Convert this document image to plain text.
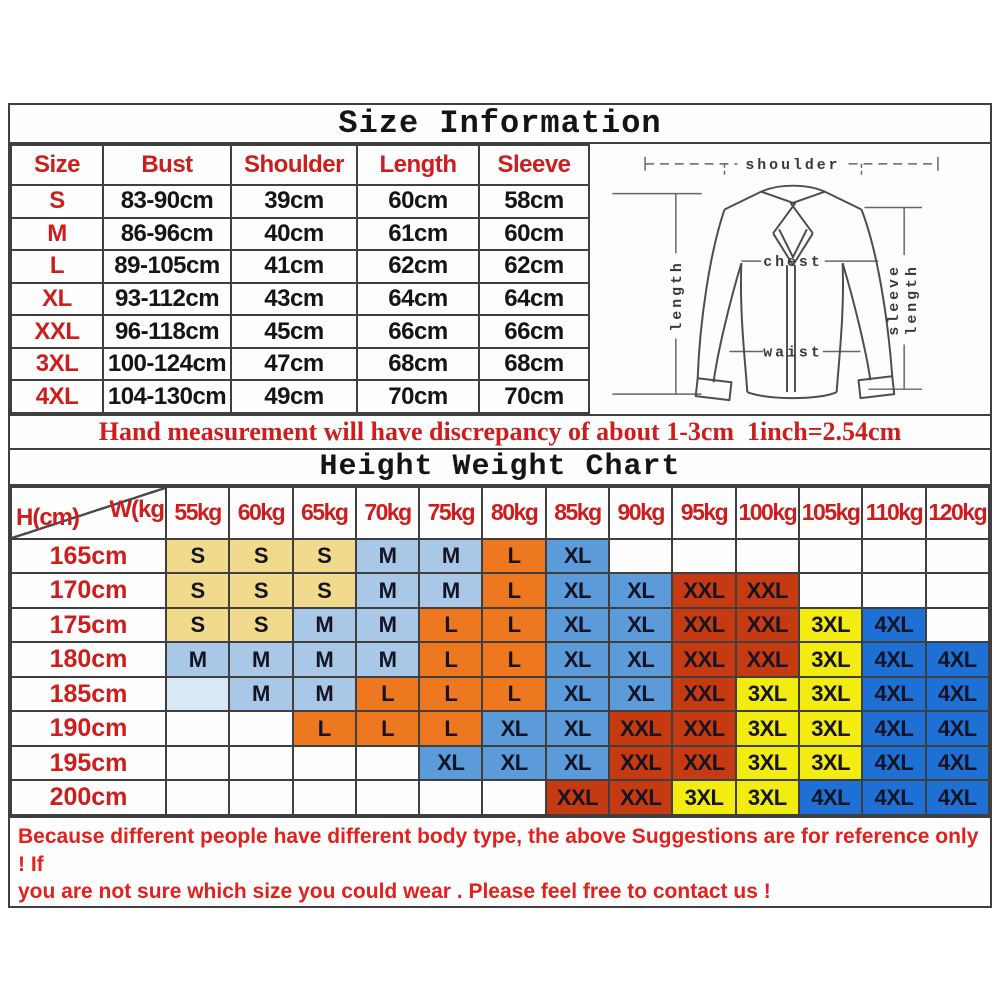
Size Information
Size	Bust	Shoulder	Length	Sleeve
S	83-90cm	39cm	60cm	58cm
M	86-96cm	40cm	61cm	60cm
L	89-105cm	41cm	62cm	62cm
XL	93-112cm	43cm	64cm	64cm
XXL	96-118cm	45cm	66cm	66cm
3XL	100-124cm	47cm	68cm	68cm
4XL	104-130cm	49cm	70cm	70cm
shoulder
chest
waist
length	sleeve length
Hand measurement will have discrepancy of about 1-3cm  1inch=2.54cm
Height Weight Chart
W(kg
H(cm)	55kg	60kg	65kg	70kg	75kg	80kg	85kg	90kg	95kg	100kg	105kg	110kg	120kg
165cm	S	S	S	M	M	L	XL						
170cm	S	S	S	M	M	L	XL	XL	XXL	XXL			
175cm	S	S	M	M	L	L	XL	XL	XXL	XXL	3XL	4XL	
180cm	M	M	M	M	L	L	XL	XL	XXL	XXL	3XL	4XL	4XL
185cm		M	M	L	L	L	XL	XL	XXL	3XL	3XL	4XL	4XL
190cm			L	L	L	XL	XL	XXL	XXL	3XL	3XL	4XL	4XL
195cm					XL	XL	XL	XXL	XXL	3XL	3XL	4XL	4XL
200cm							XXL	XXL	3XL	3XL	4XL	4XL	4XL
Because different people have different body type, the above Suggestions are for reference only ! If
you are not sure which size you could wear . Please feel free to contact us !
